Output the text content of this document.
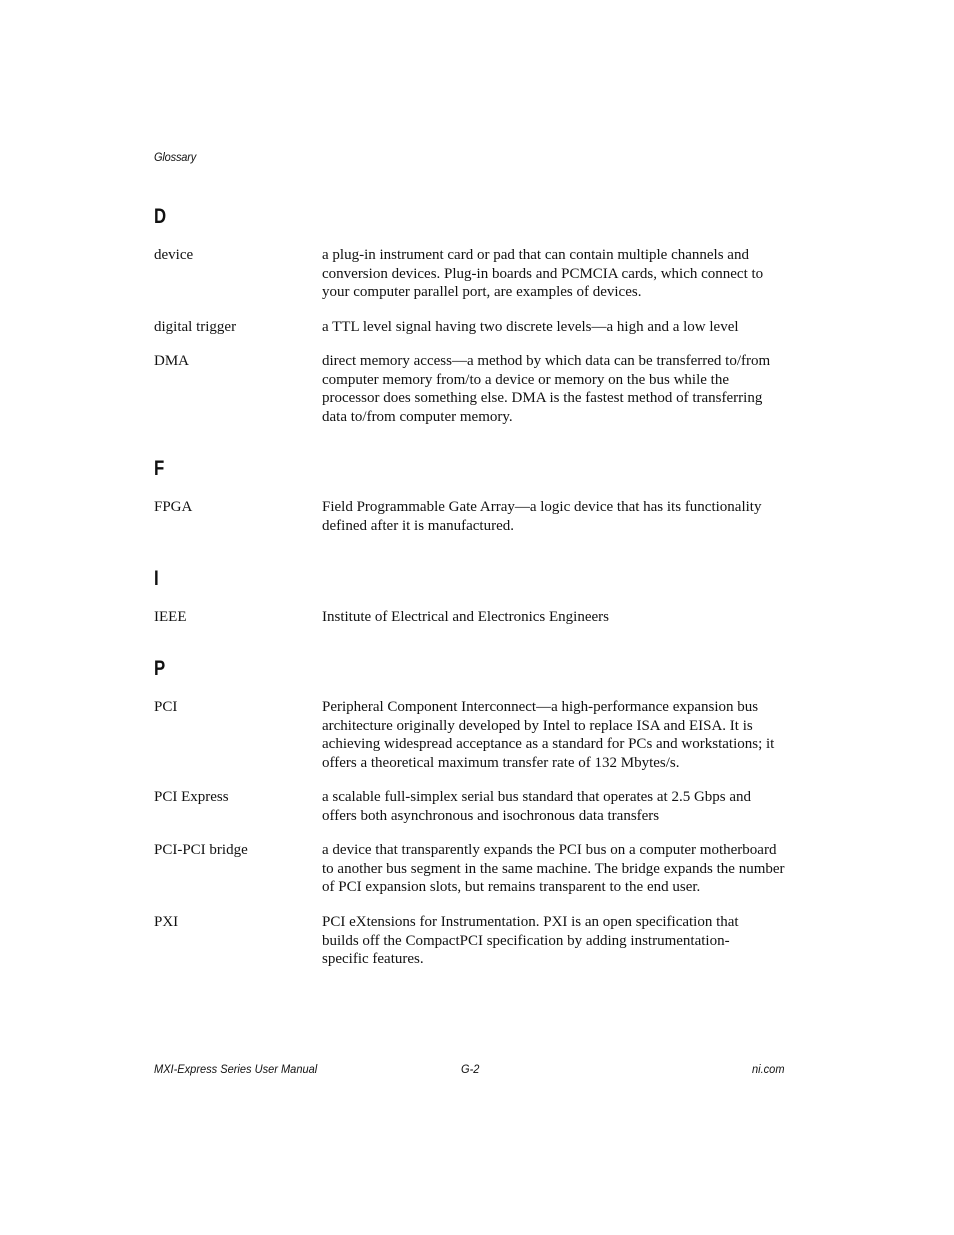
Glossary
D
device	a plug-in instrument card or pad that can contain multiple channels and conversion devices. Plug-in boards and PCMCIA cards, which connect to your computer parallel port, are examples of devices.
digital trigger	a TTL level signal having two discrete levels—a high and a low level
DMA	direct memory access—a method by which data can be transferred to/from computer memory from/to a device or memory on the bus while the processor does something else. DMA is the fastest method of transferring data to/from computer memory.
F
FPGA	Field Programmable Gate Array—a logic device that has its functionality defined after it is manufactured.
I
IEEE	Institute of Electrical and Electronics Engineers
P
PCI	Peripheral Component Interconnect—a high-performance expansion bus architecture originally developed by Intel to replace ISA and EISA. It is achieving widespread acceptance as a standard for PCs and workstations; it offers a theoretical maximum transfer rate of 132 Mbytes/s.
PCI Express	a scalable full-simplex serial bus standard that operates at 2.5 Gbps and offers both asynchronous and isochronous data transfers
PCI-PCI bridge	a device that transparently expands the PCI bus on a computer motherboard to another bus segment in the same machine. The bridge expands the number of PCI expansion slots, but remains transparent to the end user.
PXI	PCI eXtensions for Instrumentation. PXI is an open specification that builds off the CompactPCI specification by adding instrumentation-specific features.
MXI-Express Series User Manual	G-2	ni.com
